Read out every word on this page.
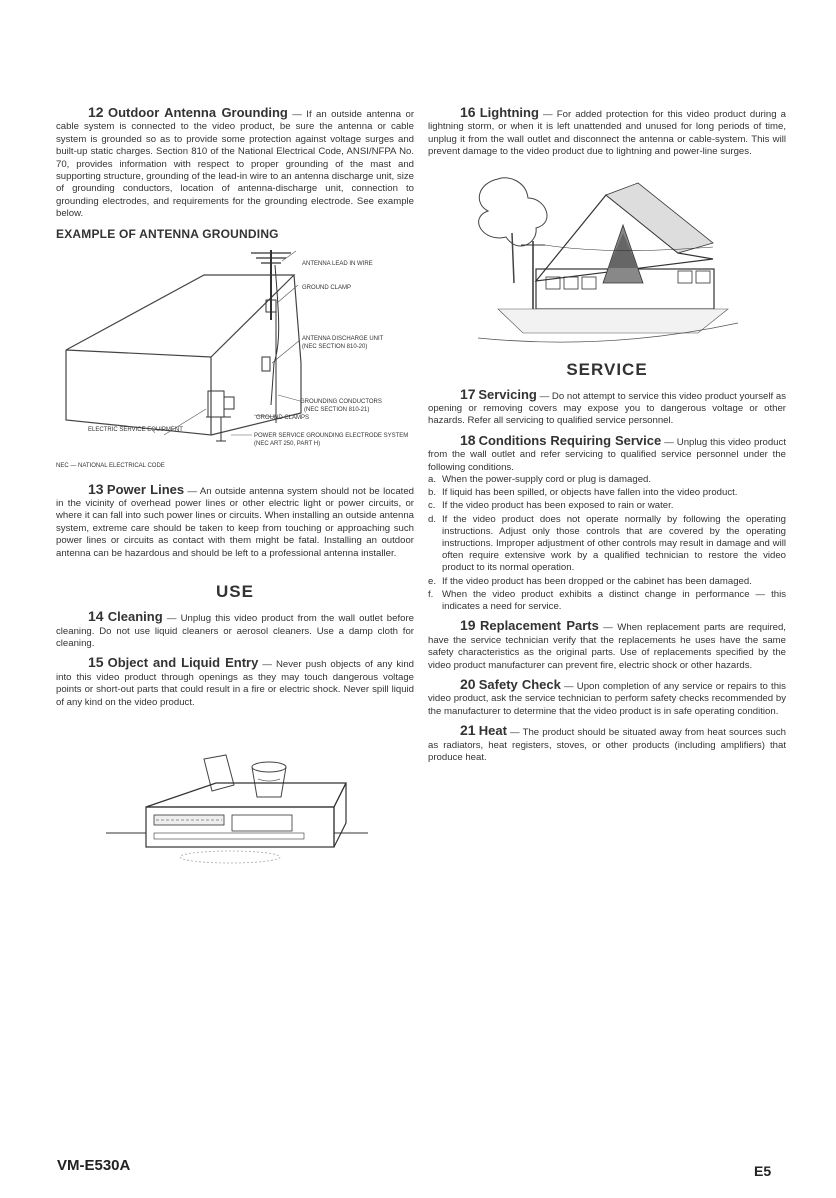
12 Outdoor Antenna Grounding — If an outside antenna or cable system is connected to the video product, be sure the antenna or cable system is grounded so as to provide some protection against voltage surges and built-up static charges. Section 810 of the National Electrical Code, ANSI/NFPA No. 70, provides information with respect to proper grounding of the mast and supporting structure, grounding of the lead-in wire to an antenna discharge unit, size of grounding conductors, location of antenna-discharge unit, connection to grounding electrodes, and requirements for the grounding electrode. See example below.

EXAMPLE OF ANTENNA GROUNDING
ANTENNA LEAD IN WIRE
GROUND CLAMP
ANTENNA DISCHARGE UNIT
(NEC SECTION 810-20)
GROUNDING CONDUCTORS
(NEC SECTION 810-21)
GROUND CLAMPS
ELECTRIC SERVICE EQUIPMENT
POWER SERVICE GROUNDING ELECTRODE SYSTEM
(NEC ART 250, PART H)
NEC — NATIONAL ELECTRICAL CODE

13 Power Lines — An outside antenna system should not be located in the vicinity of overhead power lines or other electric light or power circuits, or where it can fall into such power lines or circuits. When installing an outside antenna system, extreme care should be taken to keep from touching or approaching such power lines or circuits as contact with them might be fatal. Installing an outdoor antenna can be hazardous and should be left to a professional antenna installer.

USE

14 Cleaning — Unplug this video product from the wall outlet before cleaning. Do not use liquid cleaners or aerosol cleaners. Use a damp cloth for cleaning.

15 Object and Liquid Entry — Never push objects of any kind into this video product through openings as they may touch dangerous voltage points or short-out parts that could result in a fire or electric shock. Never spill liquid of any kind on the video product.

16 Lightning — For added protection for this video product during a lightning storm, or when it is left unattended and unused for long periods of time, unplug it from the wall outlet and disconnect the antenna or cable-system. This will prevent damage to the video product due to lightning and power-line surges.

SERVICE

17 Servicing — Do not attempt to service this video product yourself as opening or removing covers may expose you to dangerous voltage or other hazards. Refer all servicing to qualified service personnel.

18 Conditions Requiring Service — Unplug this video product from the wall outlet and refer servicing to qualified service personnel under the following conditions.

a. When the power-supply cord or plug is damaged.
b. If liquid has been spilled, or objects have fallen into the video product.
c. If the video product has been exposed to rain or water.
d. If the video product does not operate normally by following the operating instructions. Adjust only those controls that are covered by the operating instructions. Improper adjustment of other controls may result in damage and will often require extensive work by a qualified technician to restore the video product to its normal operation.
e. If the video product has been dropped or the cabinet has been damaged.
f. When the video product exhibits a distinct change in performance — this indicates a need for service.

19 Replacement Parts — When replacement parts are required, have the service technician verify that the replacements he uses have the same safety characteristics as the original parts. Use of replacements specified by the video product manufacturer can prevent fire, electric shock or other hazards.

20 Safety Check — Upon completion of any service or repairs to this video product, ask the service technician to perform safety checks recommended by the manufacturer to determine that the video product is in safe operating condition.

21 Heat — The product should be situated away from heat sources such as radiators, heat registers, stoves, or other products (including amplifiers) that produce heat.

VM-E530A	E5
